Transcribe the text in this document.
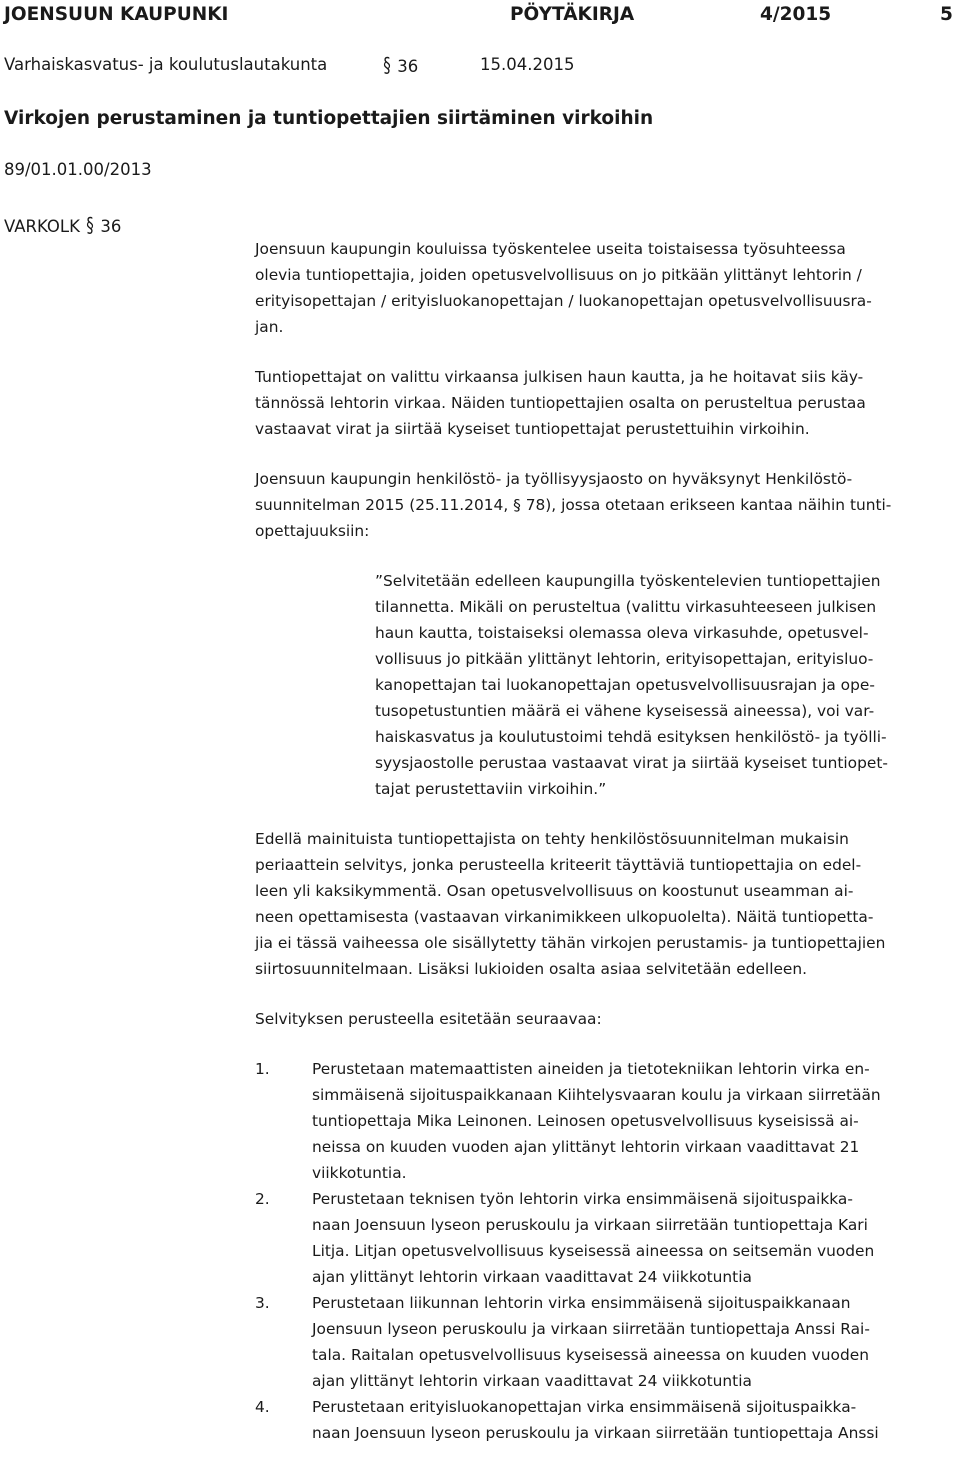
JOENSUUN KAUPUNKI	PÖYTÄKIRJA	4/2015	5
Varhaiskasvatus- ja koulutuslautakunta	§ 36	15.04.2015
Virkojen perustaminen ja tuntiopettajien siirtäminen virkoihin
89/01.01.00/2013
VARKOLK § 36

Joensuun kaupungin kouluissa työskentelee useita toistaisessa työsuhteessa
olevia tuntiopettajia, joiden opetusvelvollisuus on jo pitkään ylittänyt lehtorin /
erityisopettajan / erityisluokanopettajan / luokanopettajan opetusvelvollisuusra-
jan.

Tuntiopettajat on valittu virkaansa julkisen haun kautta, ja he hoitavat siis käy-
tännössä lehtorin virkaa. Näiden tuntiopettajien osalta on perusteltua perustaa
vastaavat virat ja siirtää kyseiset tuntiopettajat perustettuihin virkoihin.

Joensuun kaupungin henkilöstö- ja työllisyysjaosto on hyväksynyt Henkilöstö-
suunnitelman 2015 (25.11.2014, § 78), jossa otetaan erikseen kantaa näihin tunti-
opettajuuksiin:

”Selvitetään edelleen kaupungilla työskentelevien tuntiopettajien
tilannetta. Mikäli on perusteltua (valittu virkasuhteeseen julkisen
haun kautta, toistaiseksi olemassa oleva virkasuhde, opetusvel-
vollisuus jo pitkään ylittänyt lehtorin, erityisopettajan, erityisluo-
kanopettajan tai luokanopettajan opetusvelvollisuusrajan ja ope-
tusopetustuntien määrä ei vähene kyseisessä aineessa), voi var-
haiskasvatus ja koulutustoimi tehdä esityksen henkilöstö- ja työlli-
syysjaostolle perustaa vastaavat virat ja siirtää kyseiset tuntiopet-
tajat perustettaviin virkoihin.”

Edellä mainituista tuntiopettajista on tehty henkilöstösuunnitelman mukaisin
periaattein selvitys, jonka perusteella kriteerit täyttäviä tuntiopettajia on edel-
leen yli kaksikymmentä. Osan opetusvelvollisuus on koostunut useamman ai-
neen opettamisesta (vastaavan virkanimikkeen ulkopuolelta). Näitä tuntiopetta-
jia ei tässä vaiheessa ole sisällytetty tähän virkojen perustamis- ja tuntiopettajien
siirtosuunnitelmaan. Lisäksi lukioiden osalta asiaa selvitetään edelleen.

Selvityksen perusteella esitetään seuraavaa:

1.	Perustetaan matemaattisten aineiden ja tietotekniikan lehtorin virka en-
simmäisenä sijoituspaikkanaan Kiihtelysvaaran koulu ja virkaan siirretään
tuntiopettaja Mika Leinonen. Leinosen opetusvelvollisuus kyseisissä ai-
neissa on kuuden vuoden ajan ylittänyt lehtorin virkaan vaadittavat 21
viikkotuntia.
2.	Perustetaan teknisen työn lehtorin virka ensimmäisenä sijoituspaikka-
naan Joensuun lyseon peruskoulu ja virkaan siirretään tuntiopettaja Kari
Litja. Litjan opetusvelvollisuus kyseisessä aineessa on seitsemän vuoden
ajan ylittänyt lehtorin virkaan vaadittavat 24 viikkotuntia
3.	Perustetaan liikunnan lehtorin virka ensimmäisenä sijoituspaikkanaan
Joensuun lyseon peruskoulu ja virkaan siirretään tuntiopettaja Anssi Rai-
tala. Raitalan opetusvelvollisuus kyseisessä aineessa on kuuden vuoden
ajan ylittänyt lehtorin virkaan vaadittavat 24 viikkotuntia
4.	Perustetaan erityisluokanopettajan virka ensimmäisenä sijoituspaikka-
naan Joensuun lyseon peruskoulu ja virkaan siirretään tuntiopettaja Anssi
